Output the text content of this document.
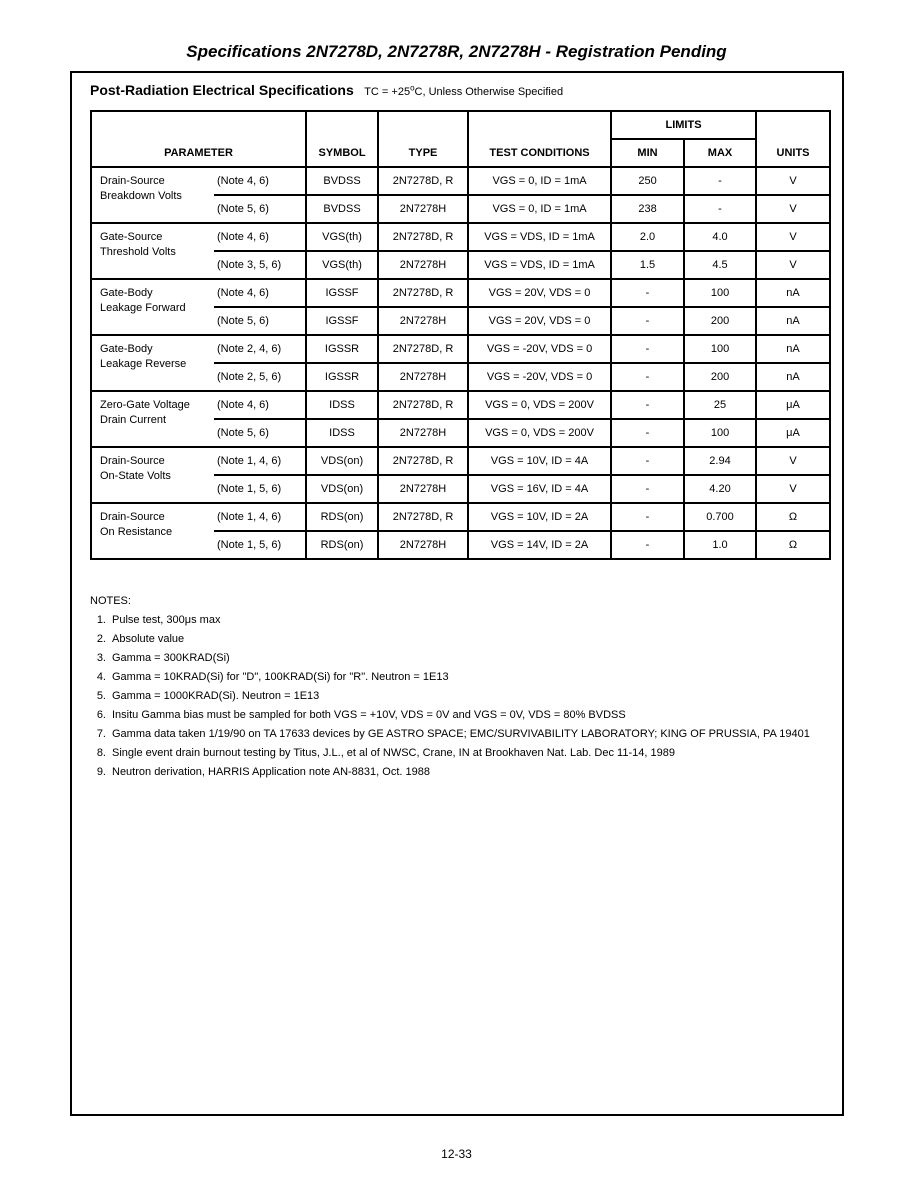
Specifications 2N7278D, 2N7278R, 2N7278H - Registration Pending
Post-Radiation Electrical Specifications TC = $+25^oC$, Unless Otherwise Specified
PARAMETER		SYMBOL	TYPE	TEST CONDITIONS	LIMITS		UNITS
					MIN	MAX	

Drain-Source
Breakdown Volts	(Note 4, 6)	BVDSS	2N7278D, R	VGS = 0, ID = 1mA	250	-	V
	(Note 5, 6)	BVDSS	2N7278H	VGS = 0, ID = 1mA	238	-	V

Gate-Source
Threshold Volts	(Note 4, 6)	VGS(th)	2N7278D, R	VGS = VDS, ID = 1mA	2.0	4.0	V
	(Note 3, 5, 6)	VGS(th)	2N7278H	VGS = VDS, ID = 1mA	1.5	4.5	V

Gate-Body
Leakage Forward	(Note 4, 6)	IGSSF	2N7278D, R	VGS = 20V, VDS = 0	-	100	nA
	(Note 5, 6)	IGSSF	2N7278H	VGS = 20V, VDS = 0	-	200	nA

Gate-Body
Leakage Reverse	(Note 2, 4, 6)	IGSSR	2N7278D, R	VGS = -20V, VDS = 0	-	100	nA
	(Note 2, 5, 6)	IGSSR	2N7278H	VGS = -20V, VDS = 0	-	200	nA

Zero-Gate Voltage
Drain Current	(Note 4, 6)	IDSS	2N7278D, R	VGS = 0, VDS = 200V	-	25	μA
	(Note 5, 6)	IDSS	2N7278H	VGS = 0, VDS = 200V	-	100	μA

Drain-Source
On-State Volts	(Note 1, 4, 6)	VDS(on)	2N7278D, R	VGS = 10V, ID = 4A	-	2.94	V
	(Note 1, 5, 6)	VDS(on)	2N7278H	VGS = 16V, ID = 4A	-	4.20	V

Drain-Source
On Resistance	(Note 1, 4, 6)	RDS(on)	2N7278D, R	VGS = 10V, ID = 2A	-	0.700	Ω
	(Note 1, 5, 6)	RDS(on)	2N7278H	VGS = 14V, ID = 2A	-	1.0	Ω
NOTES:
1. Pulse test, 300μs max
2. Absolute value
3. Gamma = 300KRAD(Si)
4. Gamma = 10KRAD(Si) for "D", 100KRAD(Si) for "R". Neutron = 1E13
5. Gamma = 1000KRAD(Si). Neutron = 1E13
6. Insitu Gamma bias must be sampled for both VGS = +10V, VDS = 0V and VGS = 0V, VDS = 80% BVDSS
7. Gamma data taken 1/19/90 on TA 17633 devices by GE ASTRO SPACE; EMC/SURVIVABILITY LABORATORY; KING OF PRUSSIA, PA 19401
8. Single event drain burnout testing by Titus, J.L., et al of NWSC, Crane, IN at Brookhaven Nat. Lab. Dec 11-14, 1989
9. Neutron derivation, HARRIS Application note AN-8831, Oct. 1988
12-33
